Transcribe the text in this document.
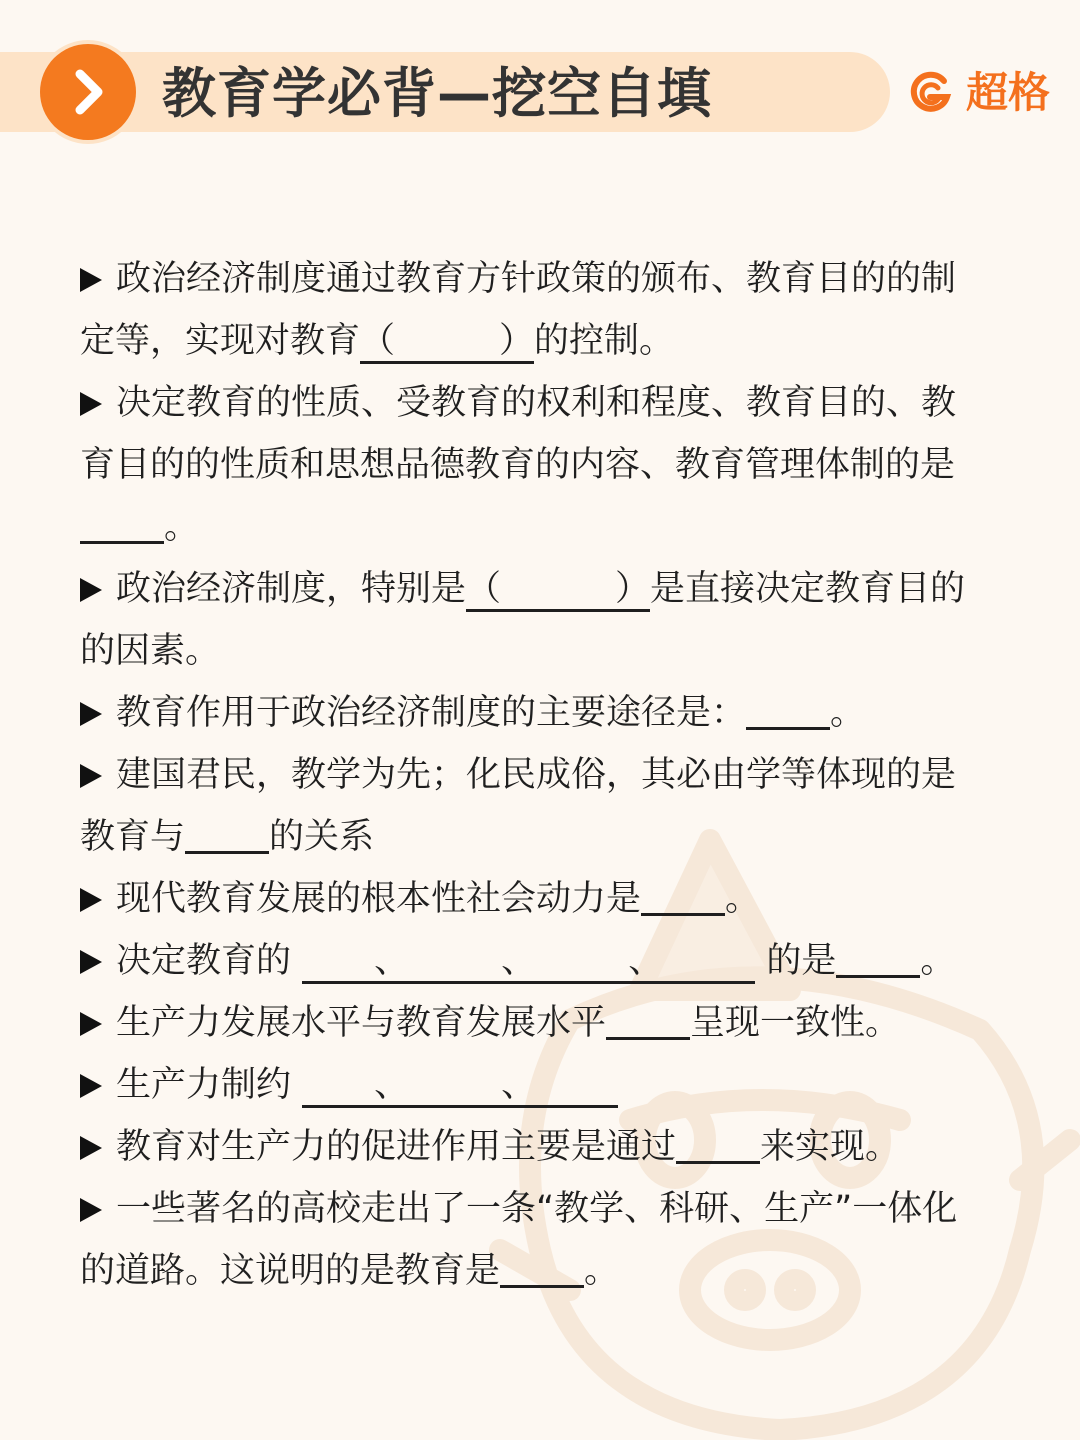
教育学必背—挖空自填	超格

政治经济制度通过教育方针政策的颁布、教育目的的制定等，实现对教育（	）的控制。

决定教育的性质、受教育的权利和程度、教育目的、教育目的的性质和思想品德教育的内容、教育管理体制的是。

政治经济制度，特别是（	）是直接决定教育目的的因素。

教育作用于政治经济制度的主要途径是： 。

建国君民，教学为先；化民成俗，其必由学等体现的是教育与 的关系

现代教育发展的根本性社会动力是 。

决定教育的 、	、	、	的是 。

生产力发展水平与教育发展水平 呈现一致性。

生产力制约 、	、

教育对生产力的促进作用主要是通过 来实现。

一些著名的高校走出了一条“教学、科研、生产”一体化的道路。这说明的是教育是 。
